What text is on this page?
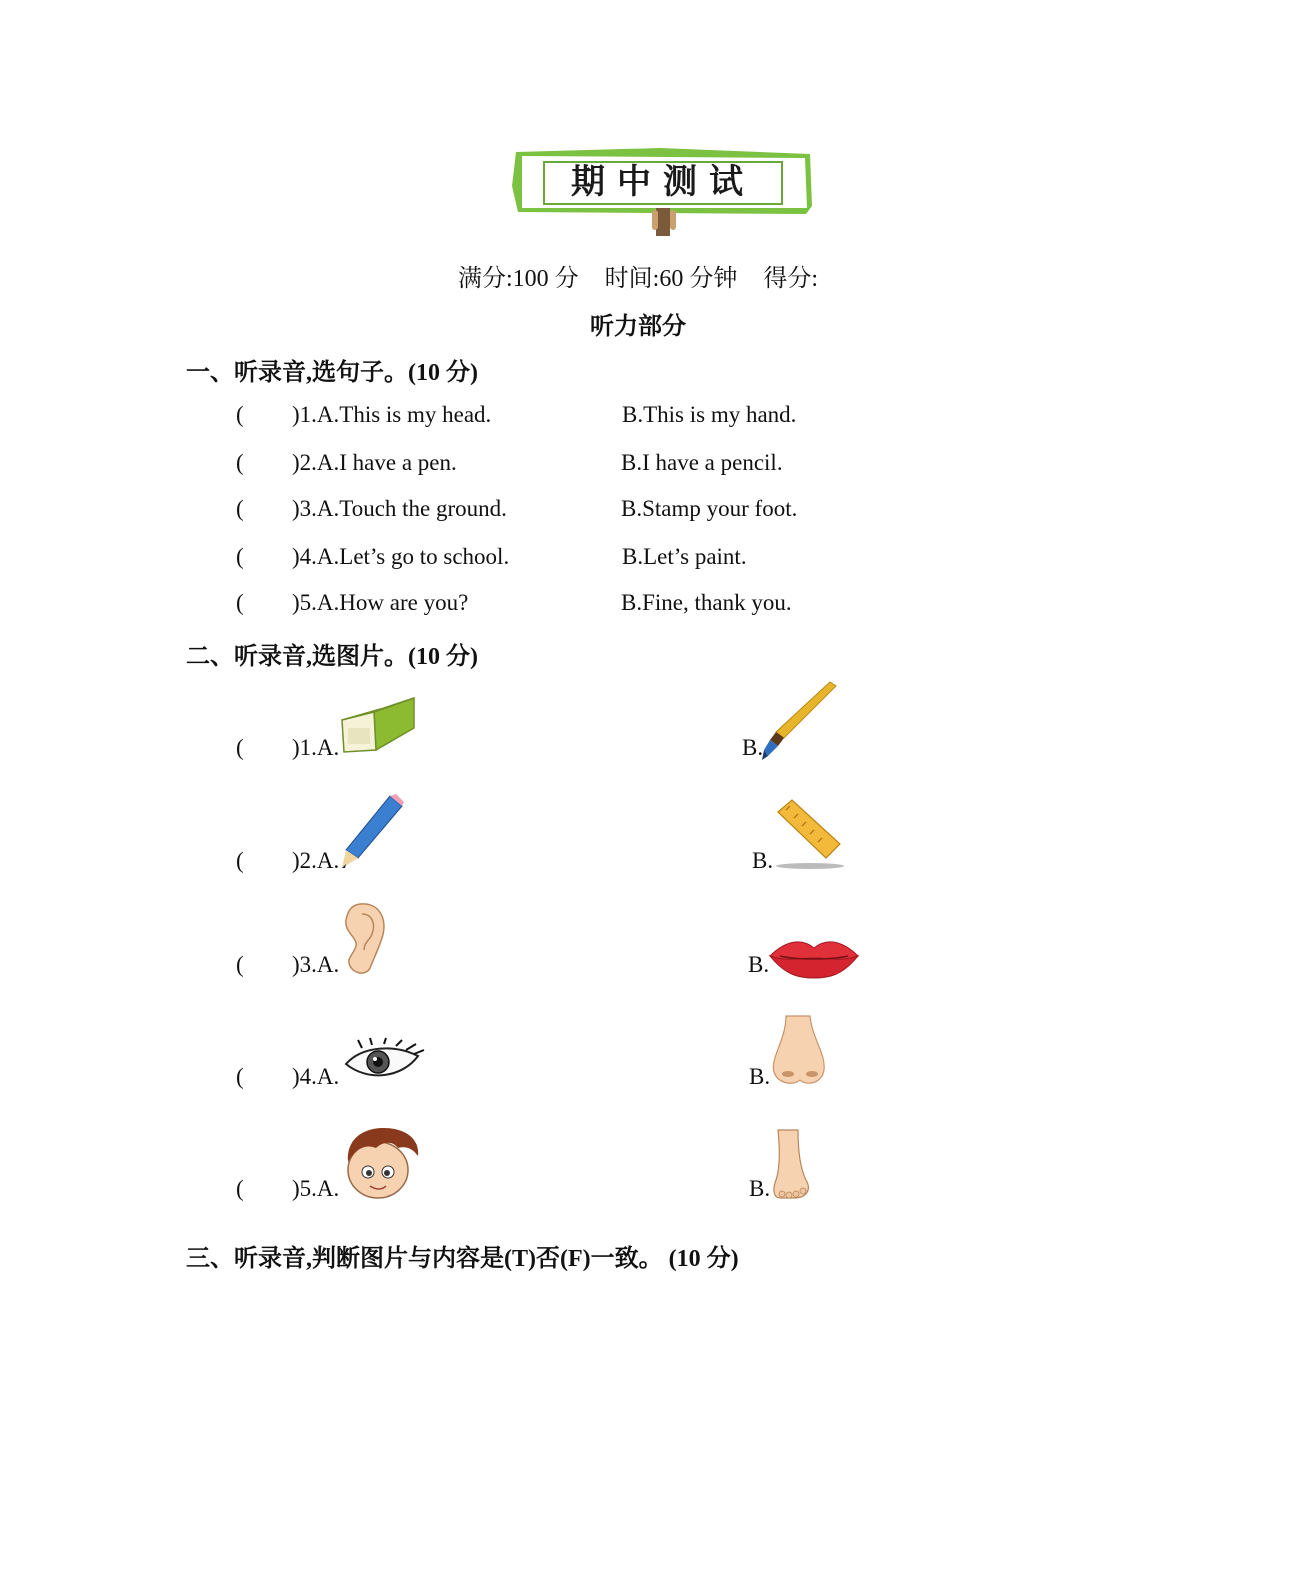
期中测试
满分:100 分 时间:60 分钟 得分:
听力部分
一、听录音,选句子。(10 分)
( )1.A.This is my head.	B.This is my hand.
( )2.A.I have a pen.	B.I have a pencil.
( )3.A.Touch the ground.	B.Stamp your foot.
( )4.A.Let’s go to school.	B.Let’s paint.
( )5.A.How are you?	B.Fine, thank you.
二、听录音,选图片。(10 分)
( )1.A.	B.
( )2.A.	B.
( )3.A.	B.
( )4.A.	B.
( )5.A.	B.
三、听录音,判断图片与内容是(T)否(F)一致。 (10 分)
